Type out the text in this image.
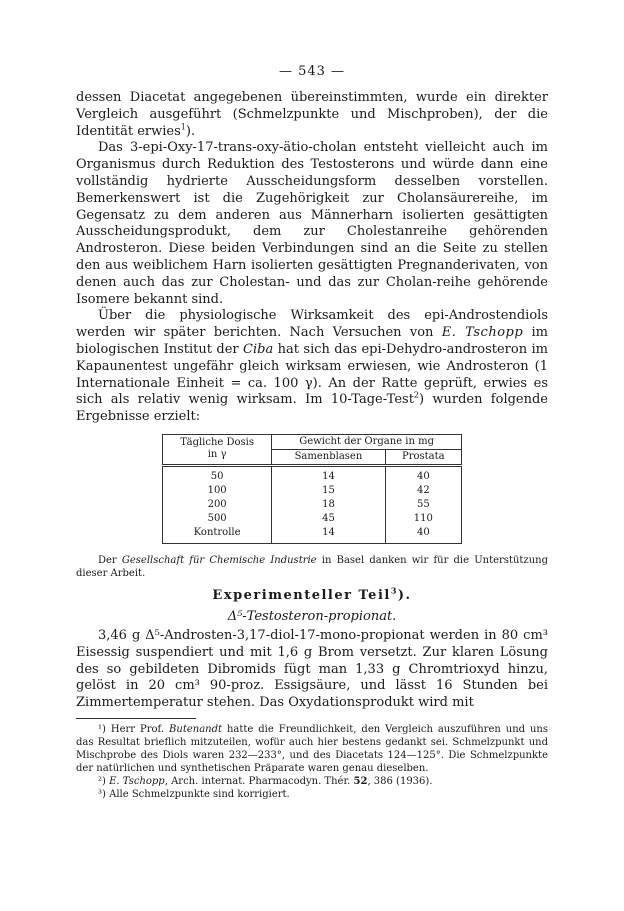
— 543 —

dessen Diacetat angegebenen übereinstimmten, wurde ein direkter Vergleich ausgeführt (Schmelzpunkte und Mischproben), der die Identität erwies$^1$).

Das 3-epi-Oxy-17-trans-oxy-ätio-cholan entsteht vielleicht auch im Organismus durch Reduktion des Testosterons und würde dann eine vollständig hydrierte Ausscheidungsform desselben vorstellen. Bemerkenswert ist die Zugehörigkeit zur Cholansäurereihe, im Gegensatz zu dem anderen aus Männerharn isolierten gesättigten Ausscheidungsprodukt, dem zur Cholestanreihe gehörenden Androsteron. Diese beiden Verbindungen sind an die Seite zu stellen den aus weiblichem Harn isolierten gesättigten Pregnanderivaten, von denen auch das zur Cholestan- und das zur Cholan-reihe gehörende Isomere bekannt sind.

Über die physiologische Wirksamkeit des epi-Androstendiols werden wir später berichten. Nach Versuchen von E. Tschopp im biologischen Institut der Ciba hat sich das epi-Dehydro-androsteron im Kapaunentest ungefähr gleich wirksam erwiesen, wie Androsteron (1 Internationale Einheit = ca. 100 γ). An der Ratte geprüft, erwies es sich als relativ wenig wirksam. Im 10-Tage-Test$^2$) wurden folgende Ergebnisse erzielt:

Tägliche Dosis
in γ	Gewicht der Organe in mg	
	Samenblasen	Prostata
50	14	40
100	15	42
200	18	55
500	45	110
Kontrolle	14	40

Der Gesellschaft für Chemische Industrie in Basel danken wir für die Unterstützung dieser Arbeit.

Experimenteller Teil$^3$).
Δ⁵-Testosteron-propionat.

3,46 g Δ⁵-Androsten-3,17-diol-17-mono-propionat werden in 80 cm³ Eisessig suspendiert und mit 1,6 g Brom versetzt. Zur klaren Lösung des so gebildeten Dibromids fügt man 1,33 g Chromtrioxyd hinzu, gelöst in 20 cm³ 90-proz. Essigsäure, und lässt 16 Stunden bei Zimmertemperatur stehen. Das Oxydationsprodukt wird mit

¹) Herr Prof. Butenandt hatte die Freundlichkeit, den Vergleich auszuführen und uns das Resultat brieflich mitzuteilen, wofür auch hier bestens gedankt sei. Schmelzpunkt und Mischprobe des Diols waren 232—233°, und des Diacetats 124—125°. Die Schmelzpunkte der natürlichen und synthetischen Präparate waren genau dieselben.

²) E. Tschopp, Arch. internat. Pharmacodyn. Thér. 52, 386 (1936).

³) Alle Schmelzpunkte sind korrigiert.
